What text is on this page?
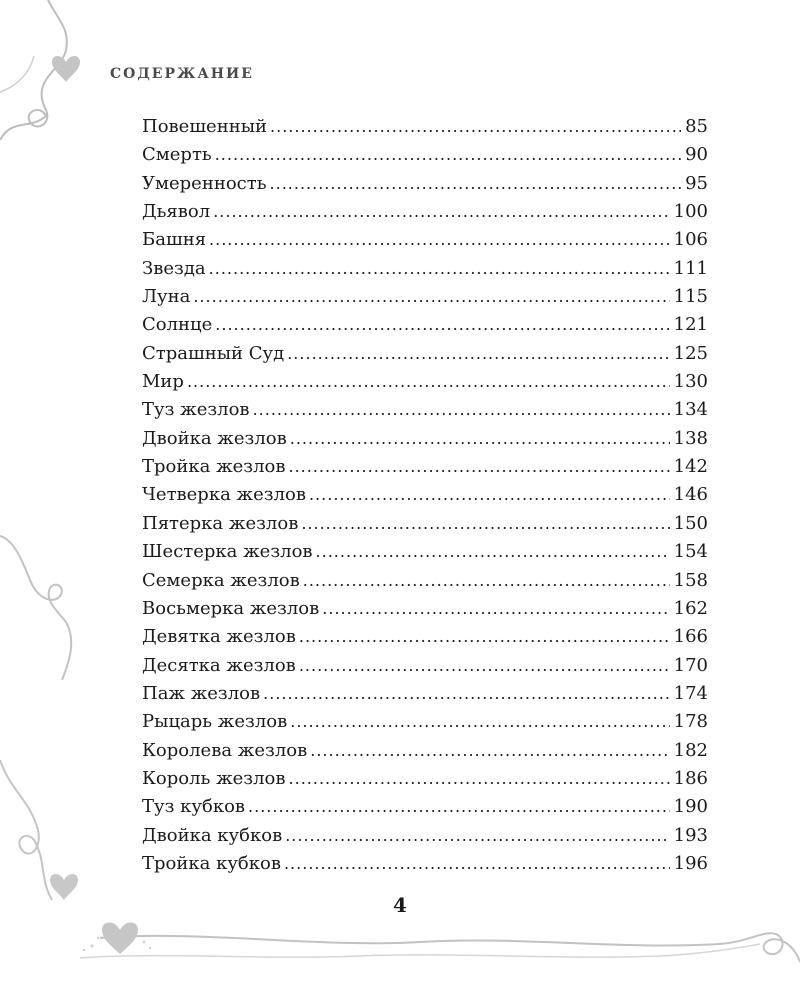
СОДЕРЖАНИЕ
Повешенный .....	85
Смерть .....	90
Умеренность .....	95
Дьявол .....	100
Башня .....	106
Звезда .....	111
Луна .....	115
Солнце .....	121
Страшный Суд .....	125
Мир .....	130
Туз жезлов .....	134
Двойка жезлов .....	138
Тройка жезлов .....	142
Четверка жезлов .....	146
Пятерка жезлов .....	150
Шестерка жезлов .....	154
Семерка жезлов .....	158
Восьмерка жезлов .....	162
Девятка жезлов .....	166
Десятка жезлов .....	170
Паж жезлов .....	174
Рыцарь жезлов .....	178
Королева жезлов .....	182
Король жезлов .....	186
Туз кубков .....	190
Двойка кубков .....	193
Тройка кубков .....	196
4
